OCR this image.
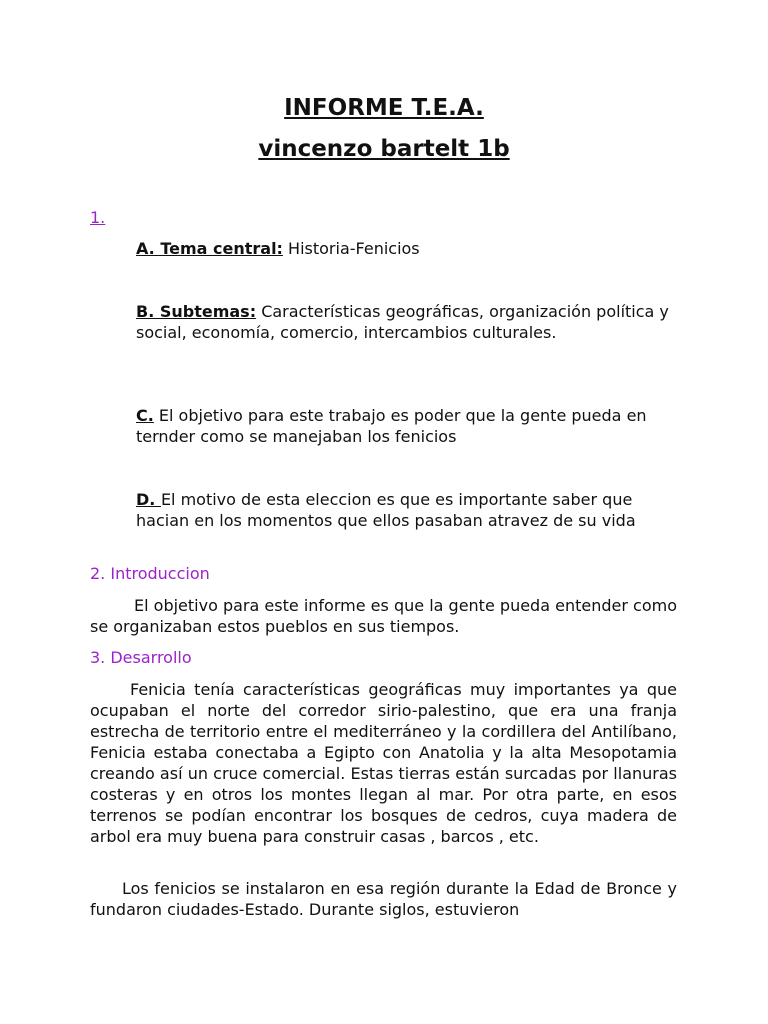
INFORME T.E.A.
vincenzo bartelt 1b
1.

A. Tema central: Historia-Fenicios

B. Subtemas: Características geográficas, organización política y social, economía, comercio, intercambios culturales.

C. El objetivo para este trabajo es poder que la gente pueda en ternder como se manejaban los fenicios

D. El motivo de esta eleccion es que es importante saber que hacian en los momentos que ellos pasaban atravez de su vida

2. Introduccion

El objetivo para este informe es que la gente pueda entender como se organizaban estos pueblos en sus tiempos.

3. Desarrollo

Fenicia tenía características geográficas muy importantes ya que ocupaban el norte del corredor sirio-palestino, que era una franja estrecha de territorio entre el mediterráneo y la cordillera del Antilíbano, Fenicia estaba conectaba a Egipto con Anatolia y la alta Mesopotamia creando así un cruce comercial. Estas tierras están surcadas por llanuras costeras y en otros los montes llegan al mar. Por otra parte, en esos terrenos se podían encontrar los bosques de cedros, cuya madera de arbol era muy buena para construir casas , barcos , etc.

Los fenicios se instalaron en esa región durante la Edad de Bronce y fundaron ciudades-Estado. Durante siglos, estuvieron
